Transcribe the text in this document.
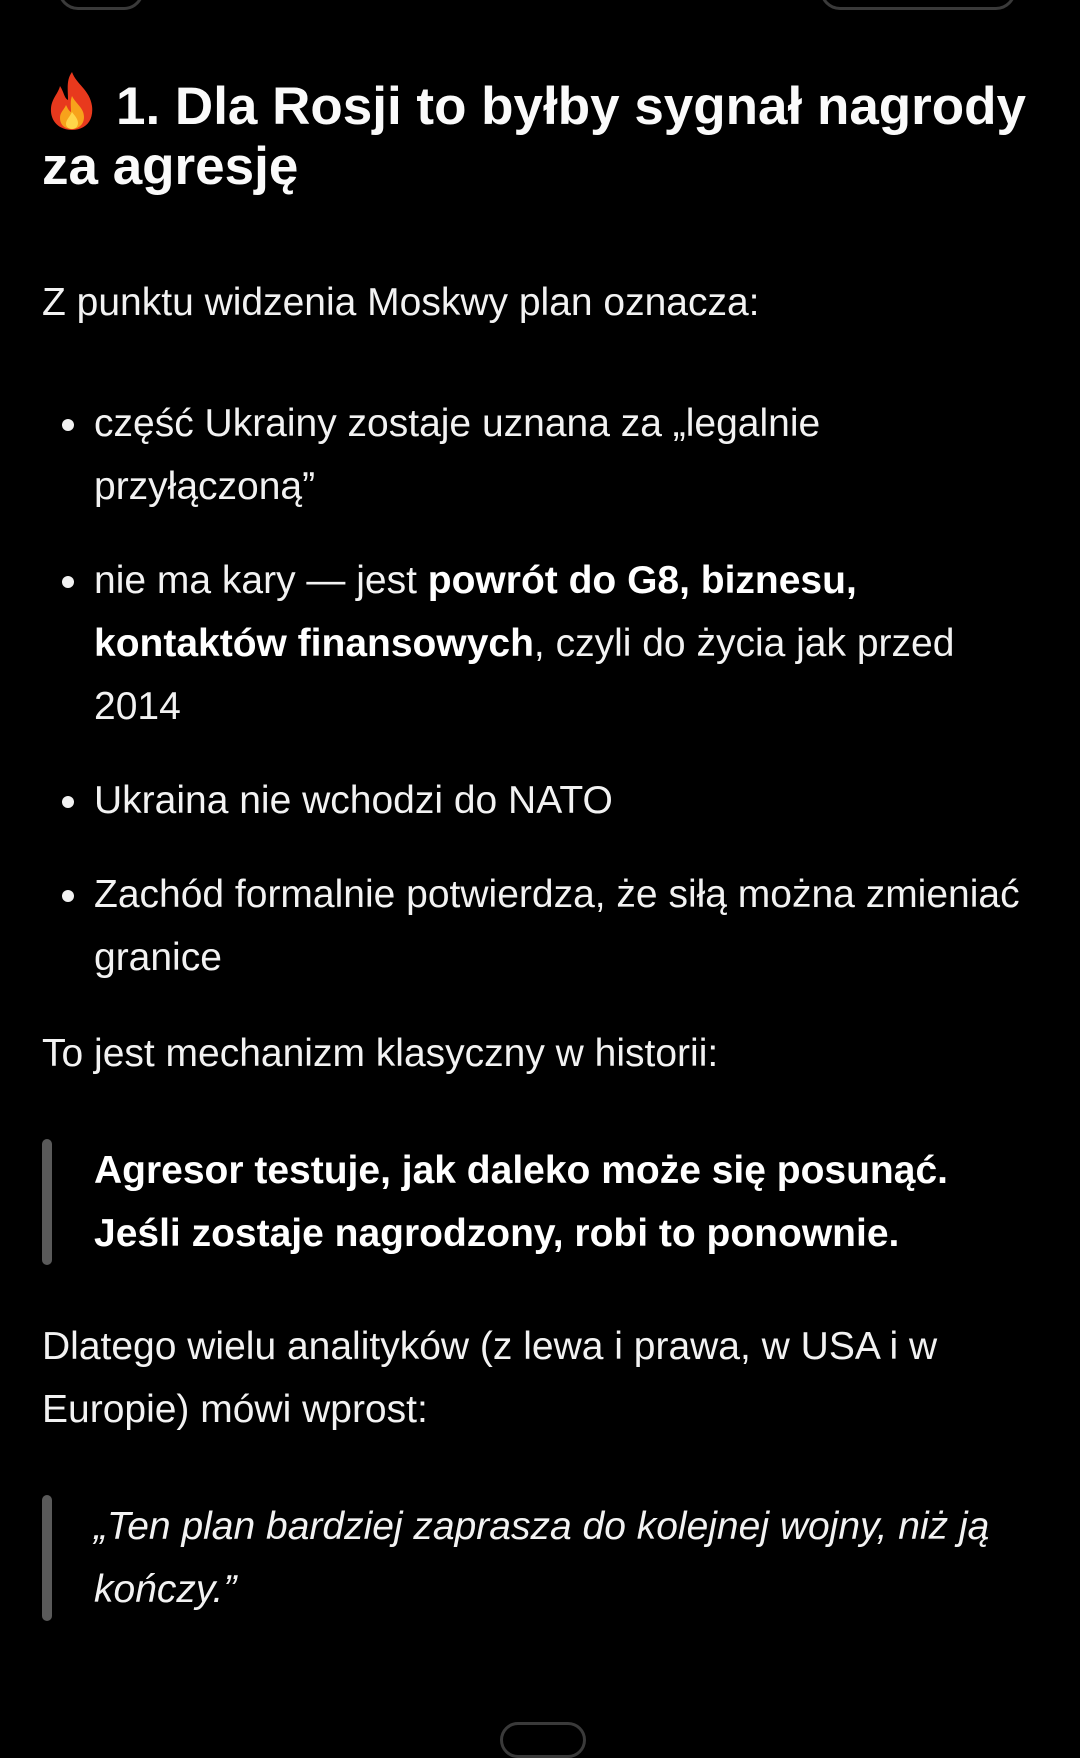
1. Dla Rosji to byłby sygnał nagrody za agresję

Z punktu widzenia Moskwy plan oznacza:

część Ukrainy zostaje uznana za „legalnie przyłączoną”
nie ma kary — jest powrót do G8, biznesu, kontaktów finansowych, czyli do życia jak przed 2014
Ukraina nie wchodzi do NATO
Zachód formalnie potwierdza, że siłą można zmieniać granice

To jest mechanizm klasyczny w historii:

Agresor testuje, jak daleko może się posunąć. Jeśli zostaje nagrodzony, robi to ponownie.

Dlatego wielu analityków (z lewa i prawa, w USA i w Europie) mówi wprost:

„Ten plan bardziej zaprasza do kolejnej wojny, niż ją kończy.”
